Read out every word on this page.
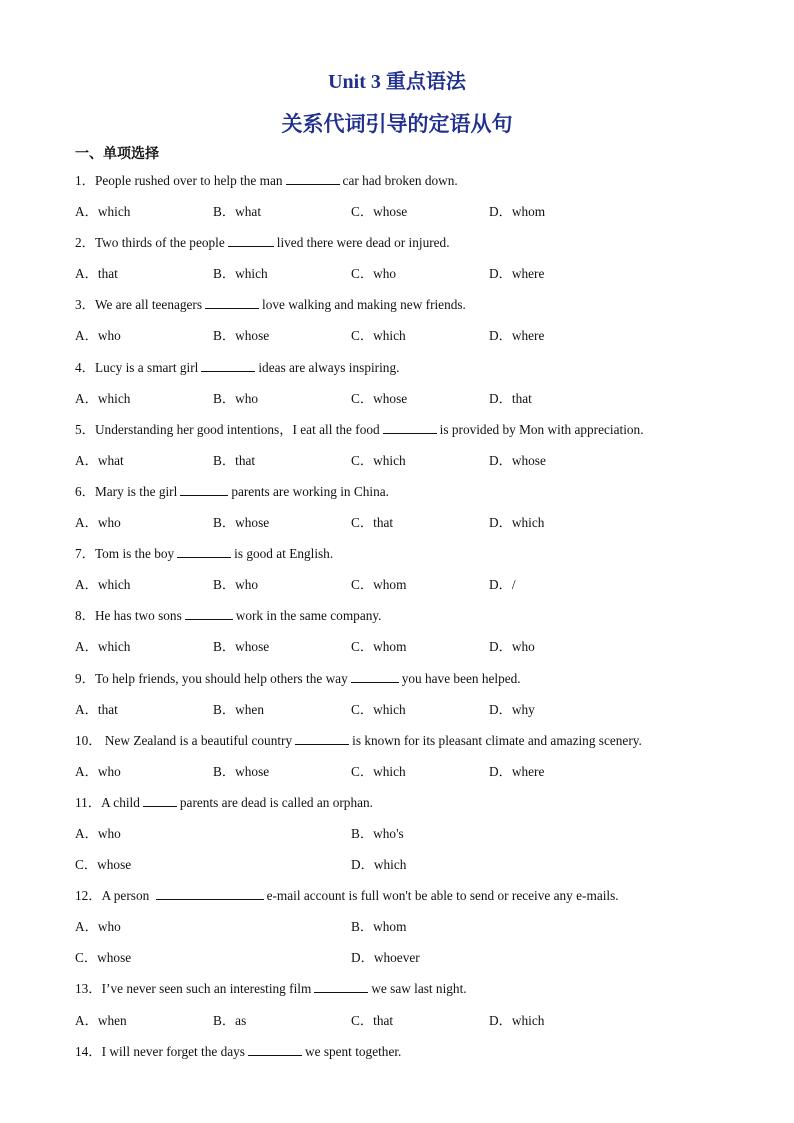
Unit 3 重点语法
关系代词引导的定语从句
一、单项选择
1．People rushed over to help the man	car had broken down.
A．which	B．what	C．whose	D．whom
2．Two thirds of the people	lived there were dead or injured.
A．that	B．which	C．who	D．where
3．We are all teenagers	love walking and making new friends.
A．who	B．whose	C．which	D．where
4．Lucy is a smart girl	ideas are always inspiring.
A．which	B．who	C．whose	D．that
5．Understanding her good intentions，I eat all the food	is provided by Mon with appreciation.
A．what	B．that	C．which	D．whose
6．Mary is the girl	parents are working in China.
A．who	B．whose	C．that	D．which
7．Tom is the boy	is good at English.
A．which	B．who	C．whom	D．/
8．He has two sons	work in the same company.
A．which	B．whose	C．whom	D．who
9．To help friends, you should help others the way	you have been helped.
A．that	B．when	C．which	D．why
10． New Zealand is a beautiful country	is known for its pleasant climate and amazing scenery.
A．who	B．whose	C．which	D．where
11．A child	parents are dead is called an orphan.
A．who	B．who's
C．whose	D．which
12．A person	e-mail account is full won't be able to send or receive any e-mails.
A．who	B．whom
C．whose	D．whoever
13．I’ve never seen such an interesting film	we saw last night.
A．when	B．as	C．that	D．which
14．I will never forget the days	we spent together.
